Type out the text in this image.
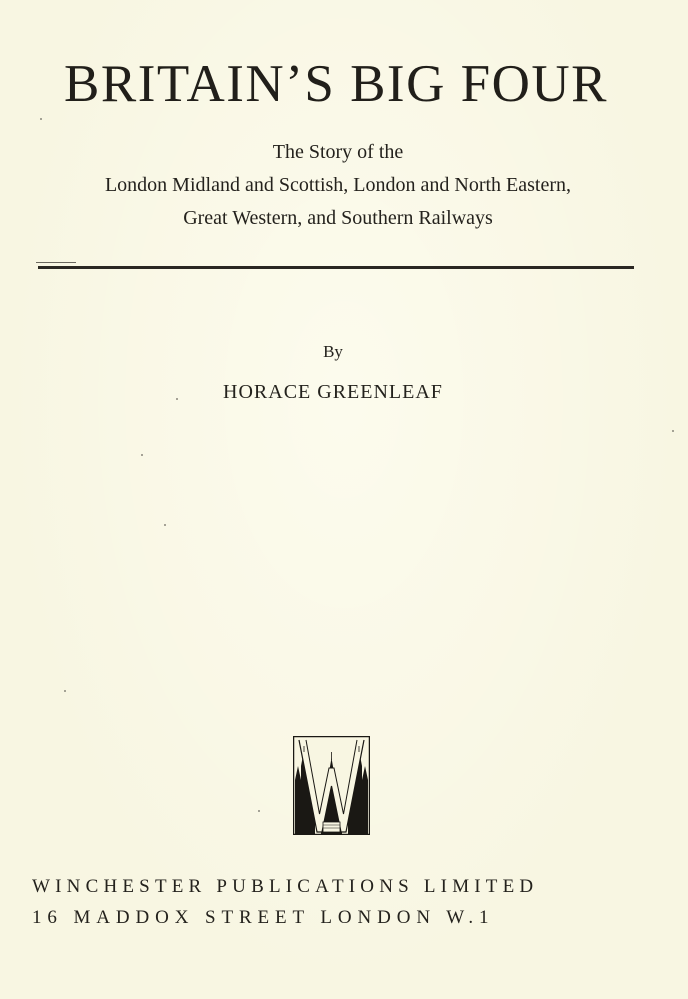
BRITAIN’S BIG FOUR

The Story of the

London Midland and Scottish, London and North Eastern,

Great Western, and Southern Railways

By
HORACE GREENLEAF
WINCHESTER PUBLICATIONS LIMITED
16 MADDOX STREET LONDON W.1
